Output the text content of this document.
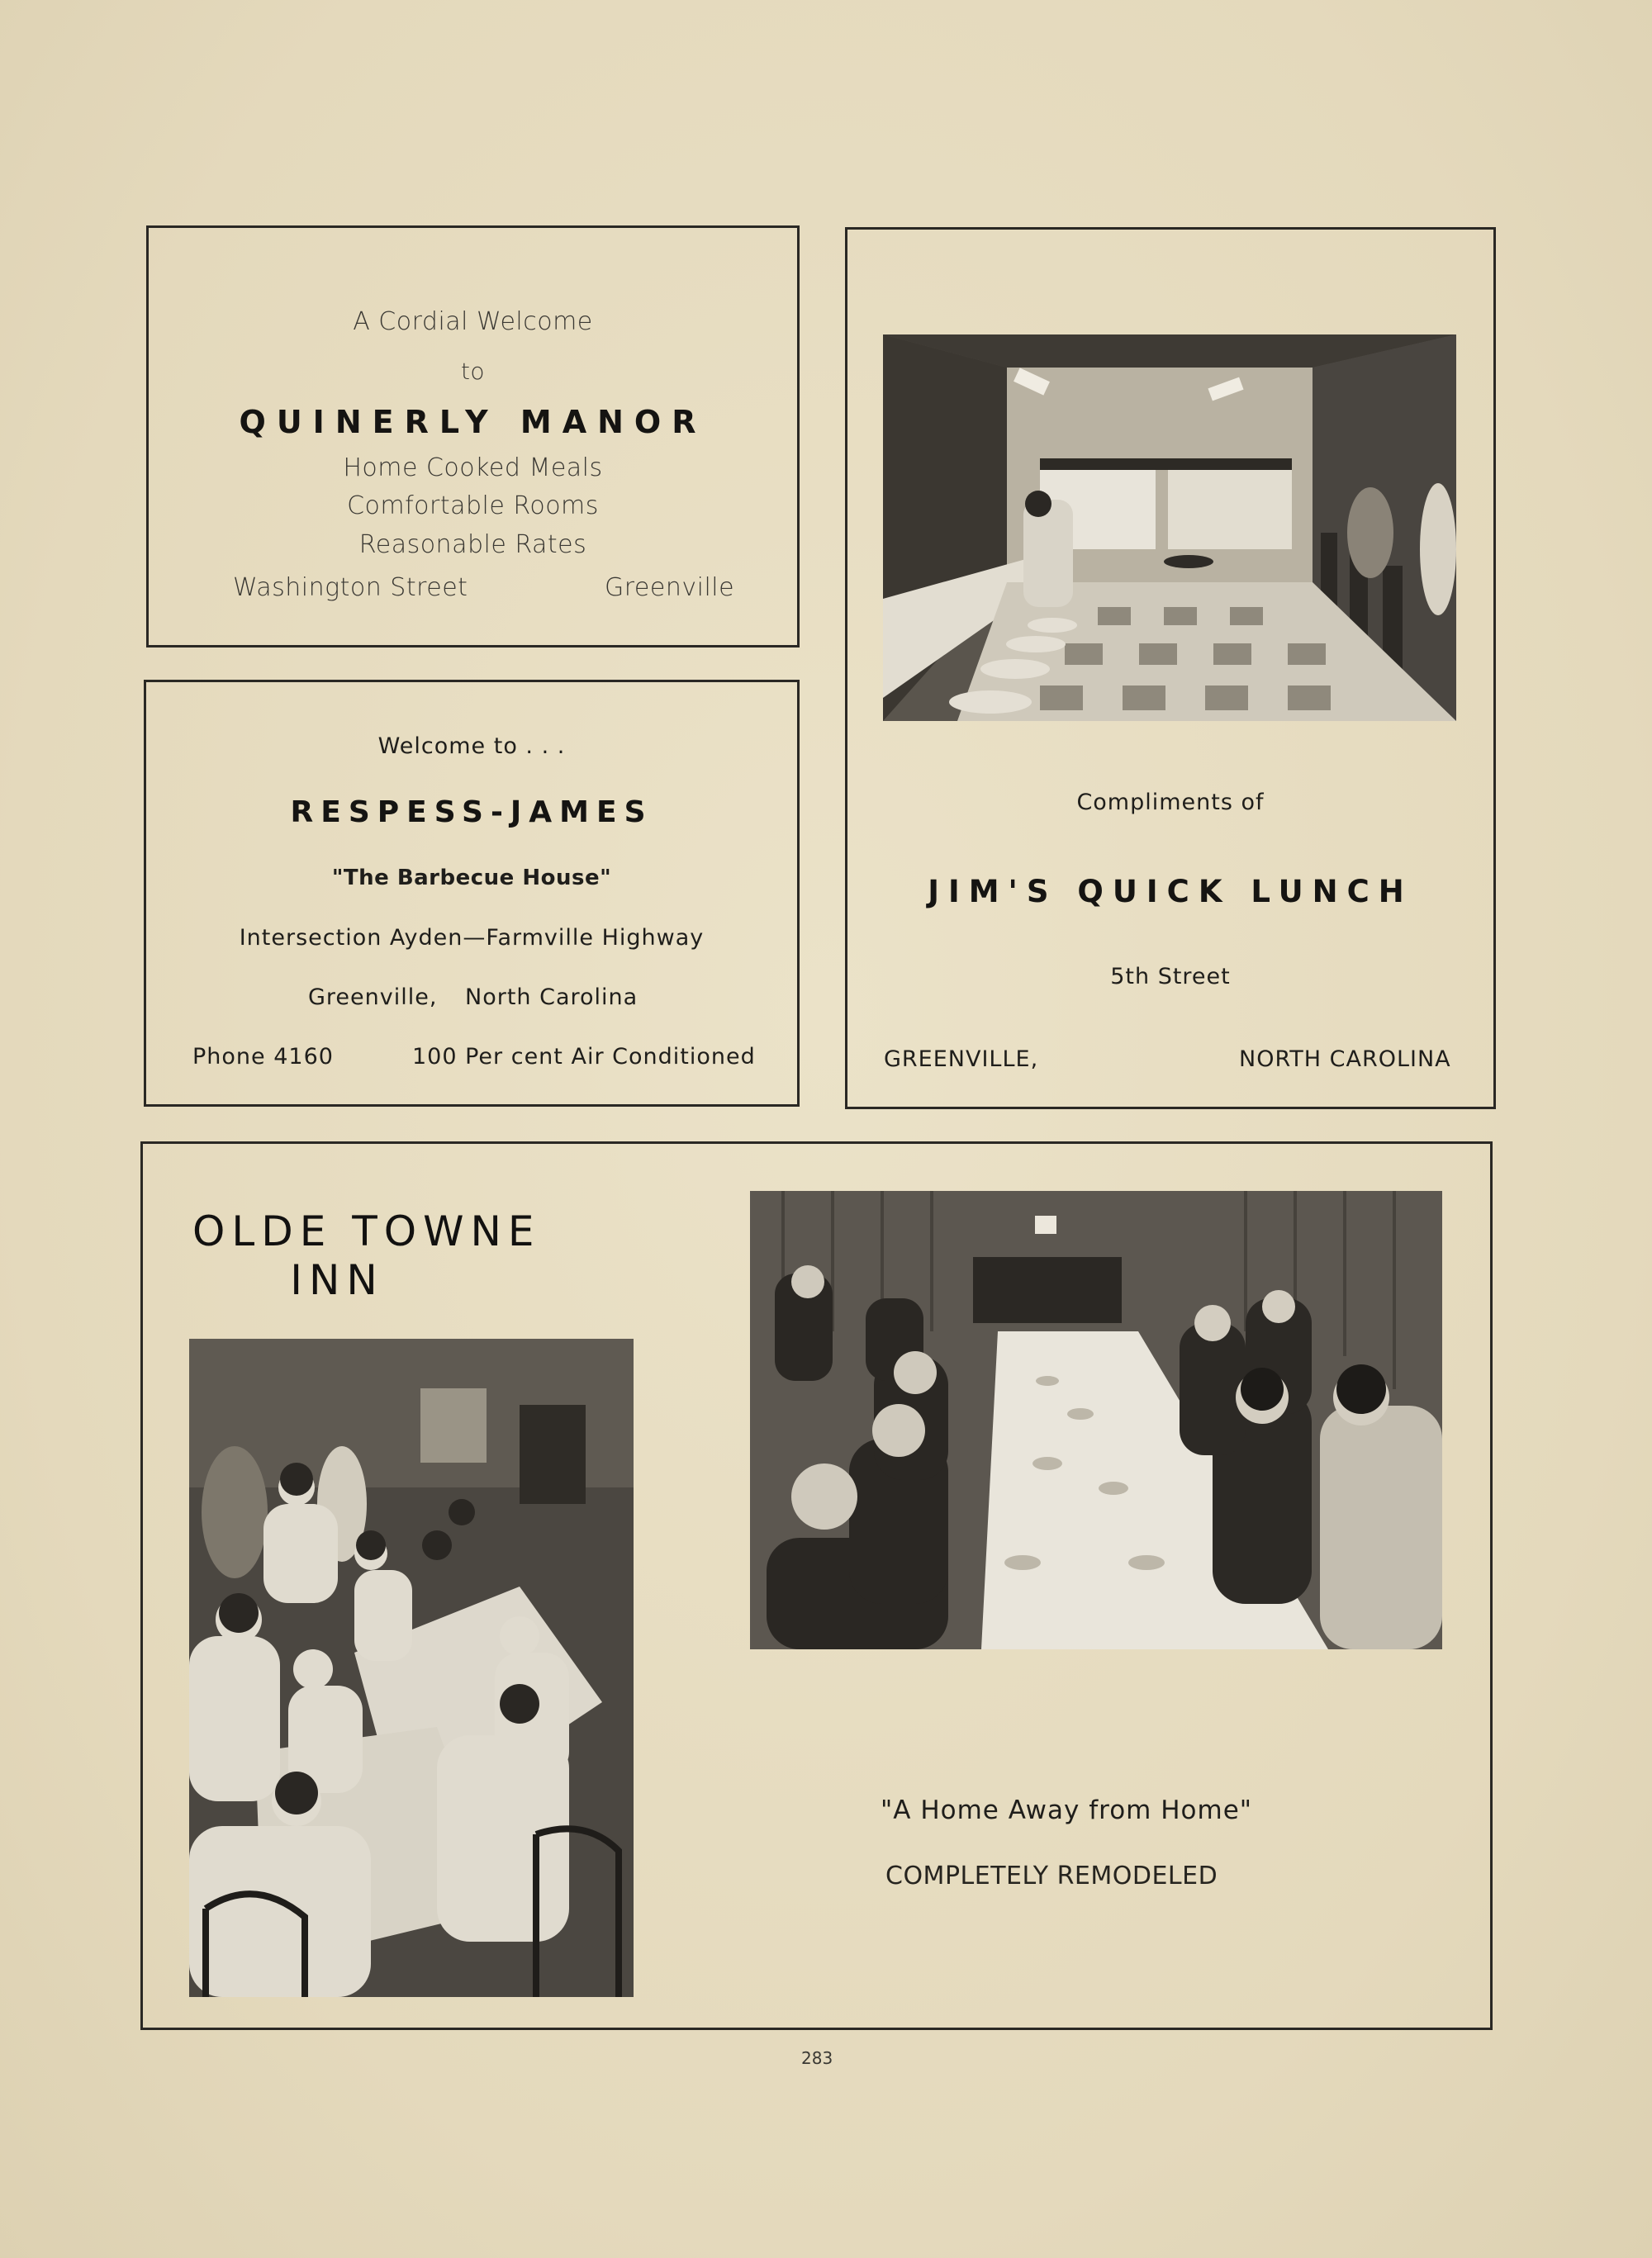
A Cordial Welcome
to
QUINERLY MANOR
Home Cooked Meals
Comfortable Rooms
Reasonable Rates
Washington Street	Greenville
Welcome to . . .
RESPESS-JAMES
"The Barbecue House"
Intersection Ayden—Farmville Highway
Greenville, North Carolina
Phone 4160	100 Per cent Air Conditioned
Compliments of
JIM'S QUICK LUNCH
5th Street
GREENVILLE,	NORTH CAROLINA
OLDE TOWNE
INN
"A Home Away from Home"
COMPLETELY REMODELED
283
